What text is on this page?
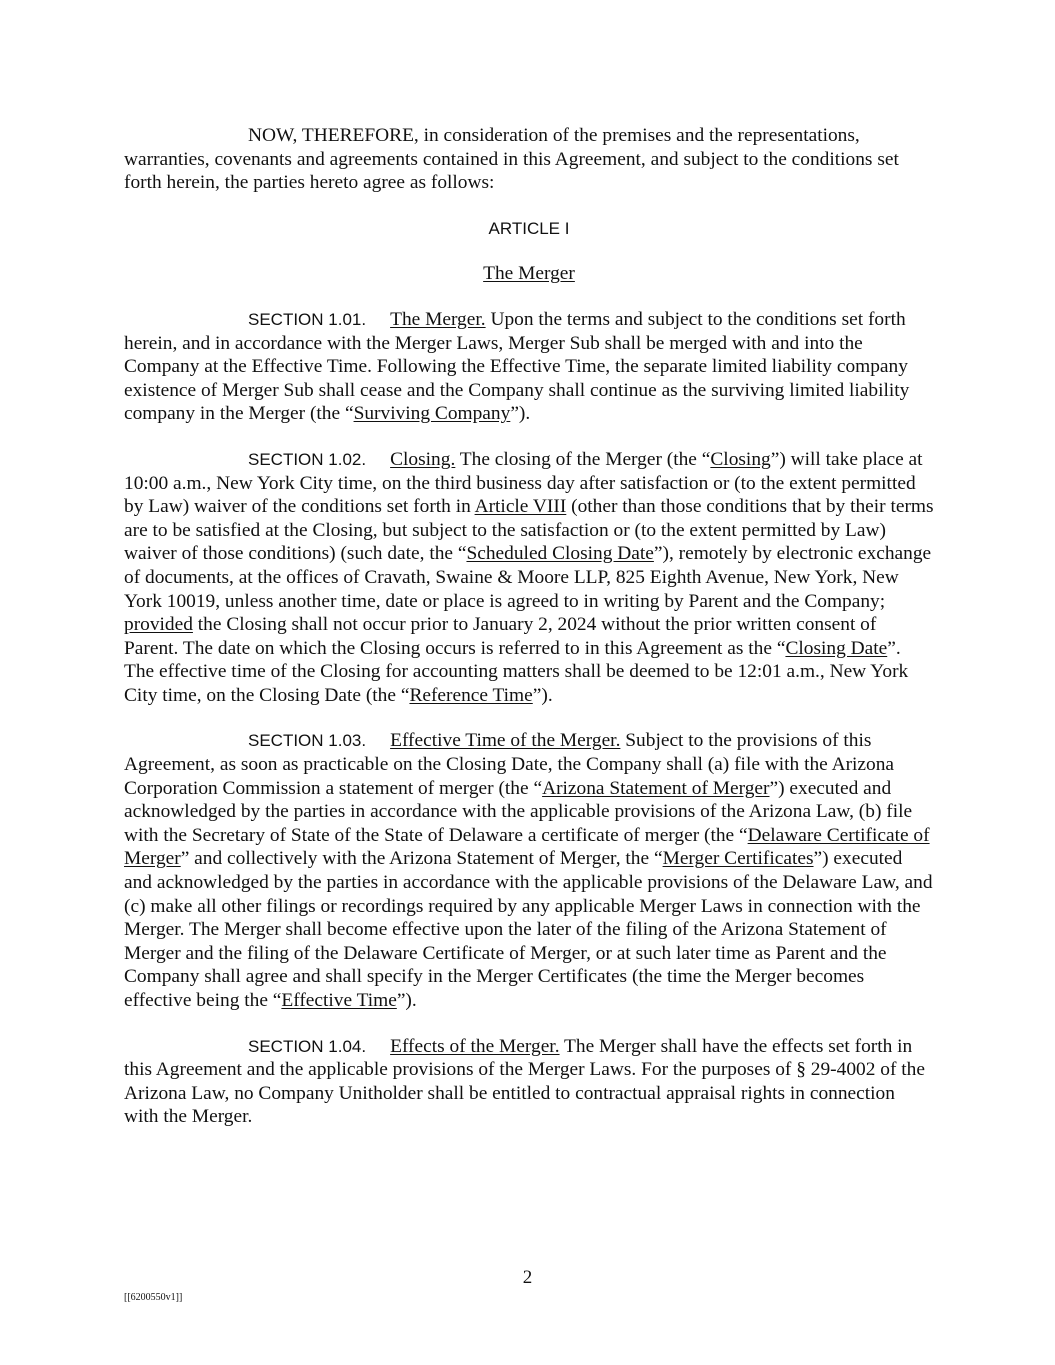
NOW, THEREFORE, in consideration of the premises and the representations, warranties, covenants and agreements contained in this Agreement, and subject to the conditions set forth herein, the parties hereto agree as follows:

ARTICLE I

The Merger

SECTION 1.01. The Merger. Upon the terms and subject to the conditions set forth herein, and in accordance with the Merger Laws, Merger Sub shall be merged with and into the Company at the Effective Time. Following the Effective Time, the separate limited liability company existence of Merger Sub shall cease and the Company shall continue as the surviving limited liability company in the Merger (the “Surviving Company”).

SECTION 1.02. Closing. The closing of the Merger (the “Closing”) will take place at 10:00 a.m., New York City time, on the third business day after satisfaction or (to the extent permitted by Law) waiver of the conditions set forth in Article VIII (other than those conditions that by their terms are to be satisfied at the Closing, but subject to the satisfaction or (to the extent permitted by Law) waiver of those conditions) (such date, the “Scheduled Closing Date”), remotely by electronic exchange of documents, at the offices of Cravath, Swaine & Moore LLP, 825 Eighth Avenue, New York, New York 10019, unless another time, date or place is agreed to in writing by Parent and the Company; provided the Closing shall not occur prior to January 2, 2024 without the prior written consent of Parent. The date on which the Closing occurs is referred to in this Agreement as the “Closing Date”. The effective time of the Closing for accounting matters shall be deemed to be 12:01 a.m., New York City time, on the Closing Date (the “Reference Time”).

SECTION 1.03. Effective Time of the Merger. Subject to the provisions of this Agreement, as soon as practicable on the Closing Date, the Company shall (a) file with the Arizona Corporation Commission a statement of merger (the “Arizona Statement of Merger”) executed and acknowledged by the parties in accordance with the applicable provisions of the Arizona Law, (b) file with the Secretary of State of the State of Delaware a certificate of merger (the “Delaware Certificate of Merger” and collectively with the Arizona Statement of Merger, the “Merger Certificates”) executed and acknowledged by the parties in accordance with the applicable provisions of the Delaware Law, and (c) make all other filings or recordings required by any applicable Merger Laws in connection with the Merger. The Merger shall become effective upon the later of the filing of the Arizona Statement of Merger and the filing of the Delaware Certificate of Merger, or at such later time as Parent and the Company shall agree and shall specify in the Merger Certificates (the time the Merger becomes effective being the “Effective Time”).

SECTION 1.04. Effects of the Merger. The Merger shall have the effects set forth in this Agreement and the applicable provisions of the Merger Laws. For the purposes of § 29-4002 of the Arizona Law, no Company Unitholder shall be entitled to contractual appraisal rights in connection with the Merger.

2
[[6200550v1]]
